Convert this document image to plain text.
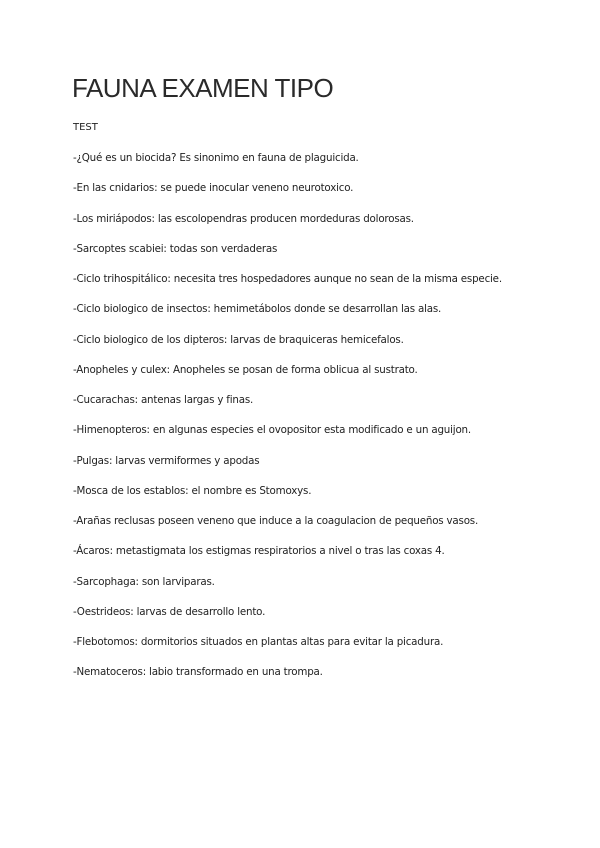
FAUNA EXAMEN TIPO
TEST
-¿Qué es un biocida? Es sinonimo en fauna de plaguicida.
-En las cnidarios: se puede inocular veneno neurotoxico.
-Los miriápodos: las escolopendras producen mordeduras dolorosas.
-Sarcoptes scabiei: todas son verdaderas
-Ciclo trihospitálico: necesita tres hospedadores aunque no sean de la misma especie.
-Ciclo biologico de insectos: hemimetábolos donde se desarrollan las alas.
-Ciclo biologico de los dipteros: larvas de braquiceras hemicefalos.
-Anopheles y culex: Anopheles se posan de forma oblicua al sustrato.
-Cucarachas: antenas largas y finas.
-Himenopteros: en algunas especies el ovopositor esta modificado e un aguijon.
-Pulgas: larvas vermiformes y apodas
-Mosca de los establos: el nombre es Stomoxys.
-Arañas reclusas poseen veneno que induce a la coagulacion de pequeños vasos.
-Ácaros: metastigmata los estigmas respiratorios a nivel o tras las coxas 4.
-Sarcophaga: son larviparas.
-Oestrideos: larvas de desarrollo lento.
-Flebotomos: dormitorios situados en plantas altas para evitar la picadura.
-Nematoceros: labio transformado en una trompa.
